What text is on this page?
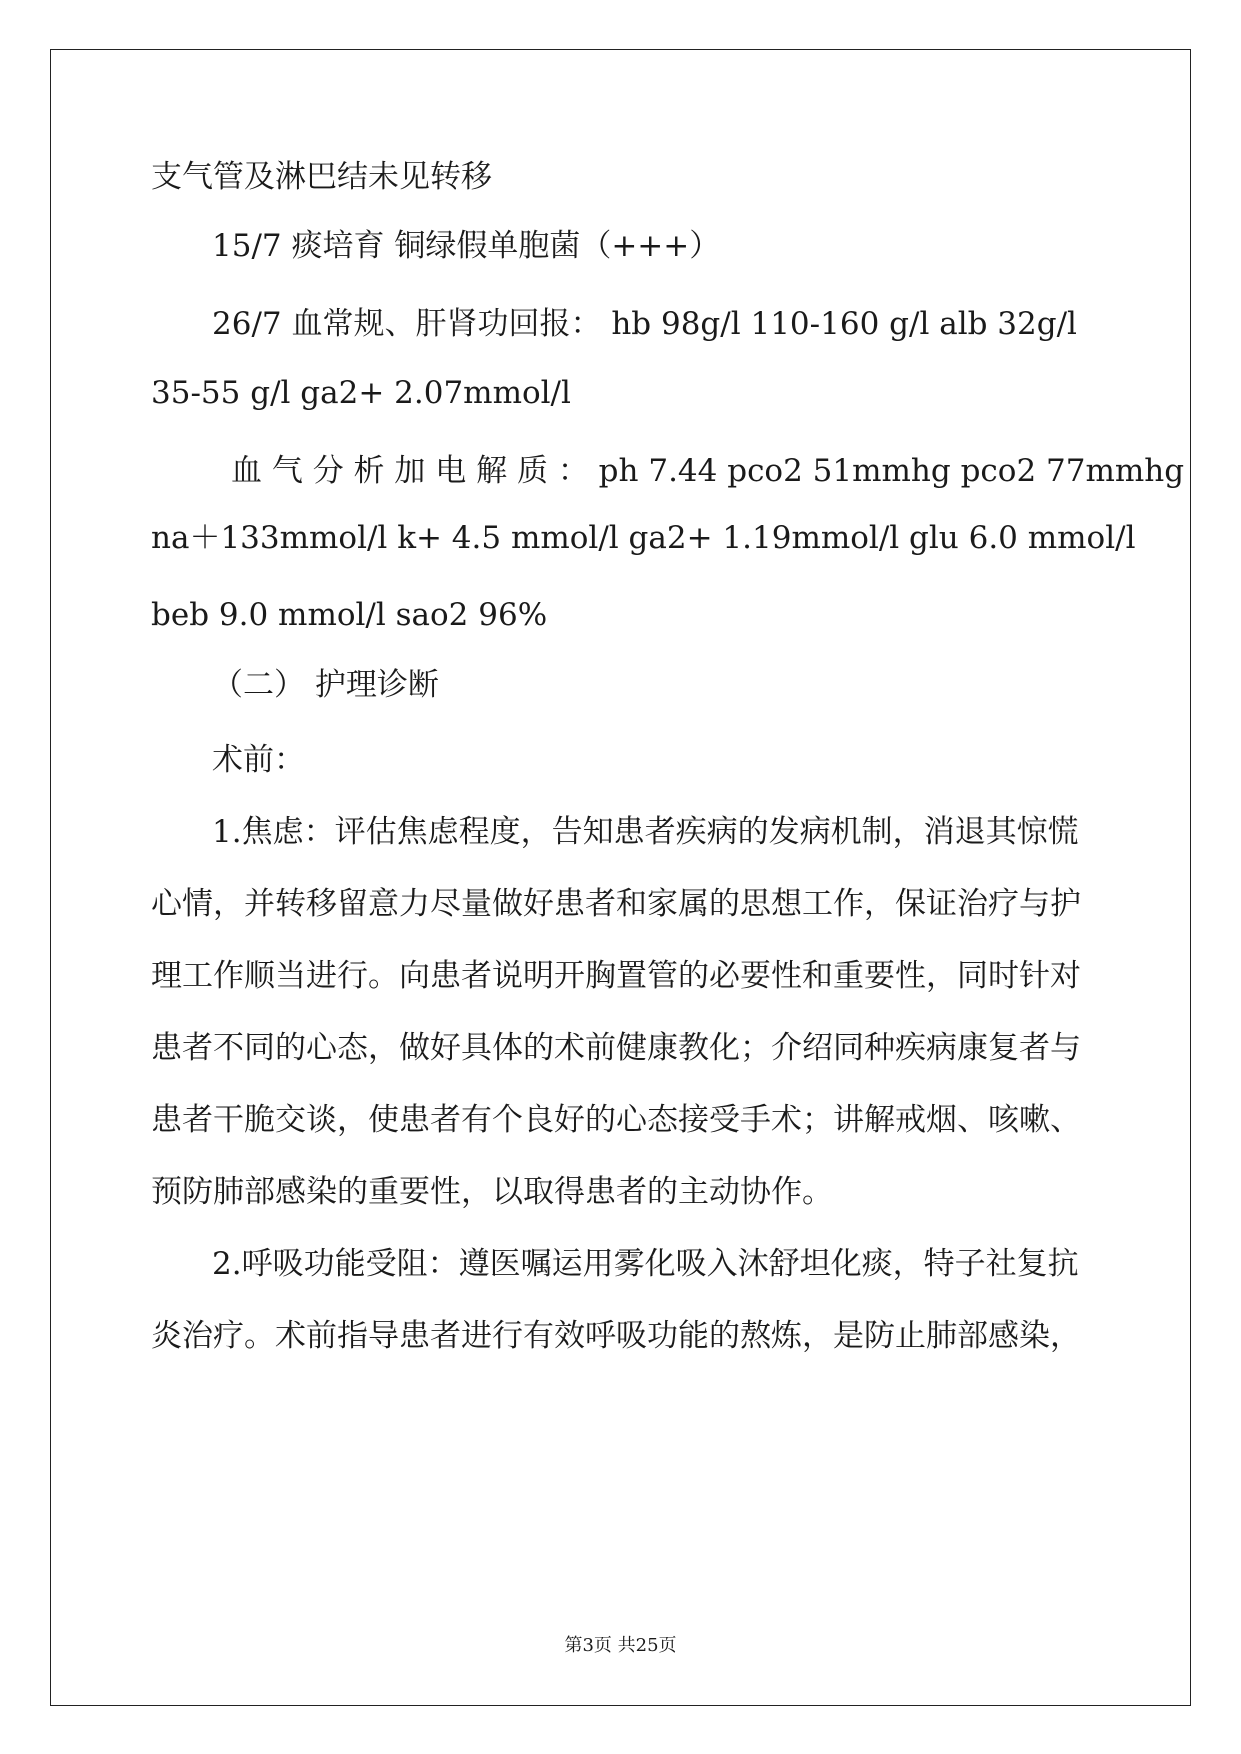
支气管及淋巴结未见转移
15/7 痰培育 铜绿假单胞菌（+++）
26/7 血常规、肝肾功回报： hb 98g/l 110-160 g/l alb 32g/l
35-55 g/l ga2+ 2.07mmol/l
血 气 分 析 加 电 解 质 ： ph 7.44 pco2 51mmhg pco2 77mmhg
na＋133mmol/l k+ 4.5 mmol/l ga2+ 1.19mmol/l glu 6.0 mmol/l
beb 9.0 mmol/l sao2 96%
（二） 护理诊断
术前：
1.焦虑：评估焦虑程度，告知患者疾病的发病机制，消退其惊慌
心情，并转移留意力尽量做好患者和家属的思想工作，保证治疗与护
理工作顺当进行。向患者说明开胸置管的必要性和重要性，同时针对
患者不同的心态，做好具体的术前健康教化；介绍同种疾病康复者与
患者干脆交谈，使患者有个良好的心态接受手术；讲解戒烟、咳嗽、
预防肺部感染的重要性，以取得患者的主动协作。
2.呼吸功能受阻：遵医嘱运用雾化吸入沐舒坦化痰，特子社复抗
炎治疗。术前指导患者进行有效呼吸功能的熬炼，是防止肺部感染，
第3页 共25页
